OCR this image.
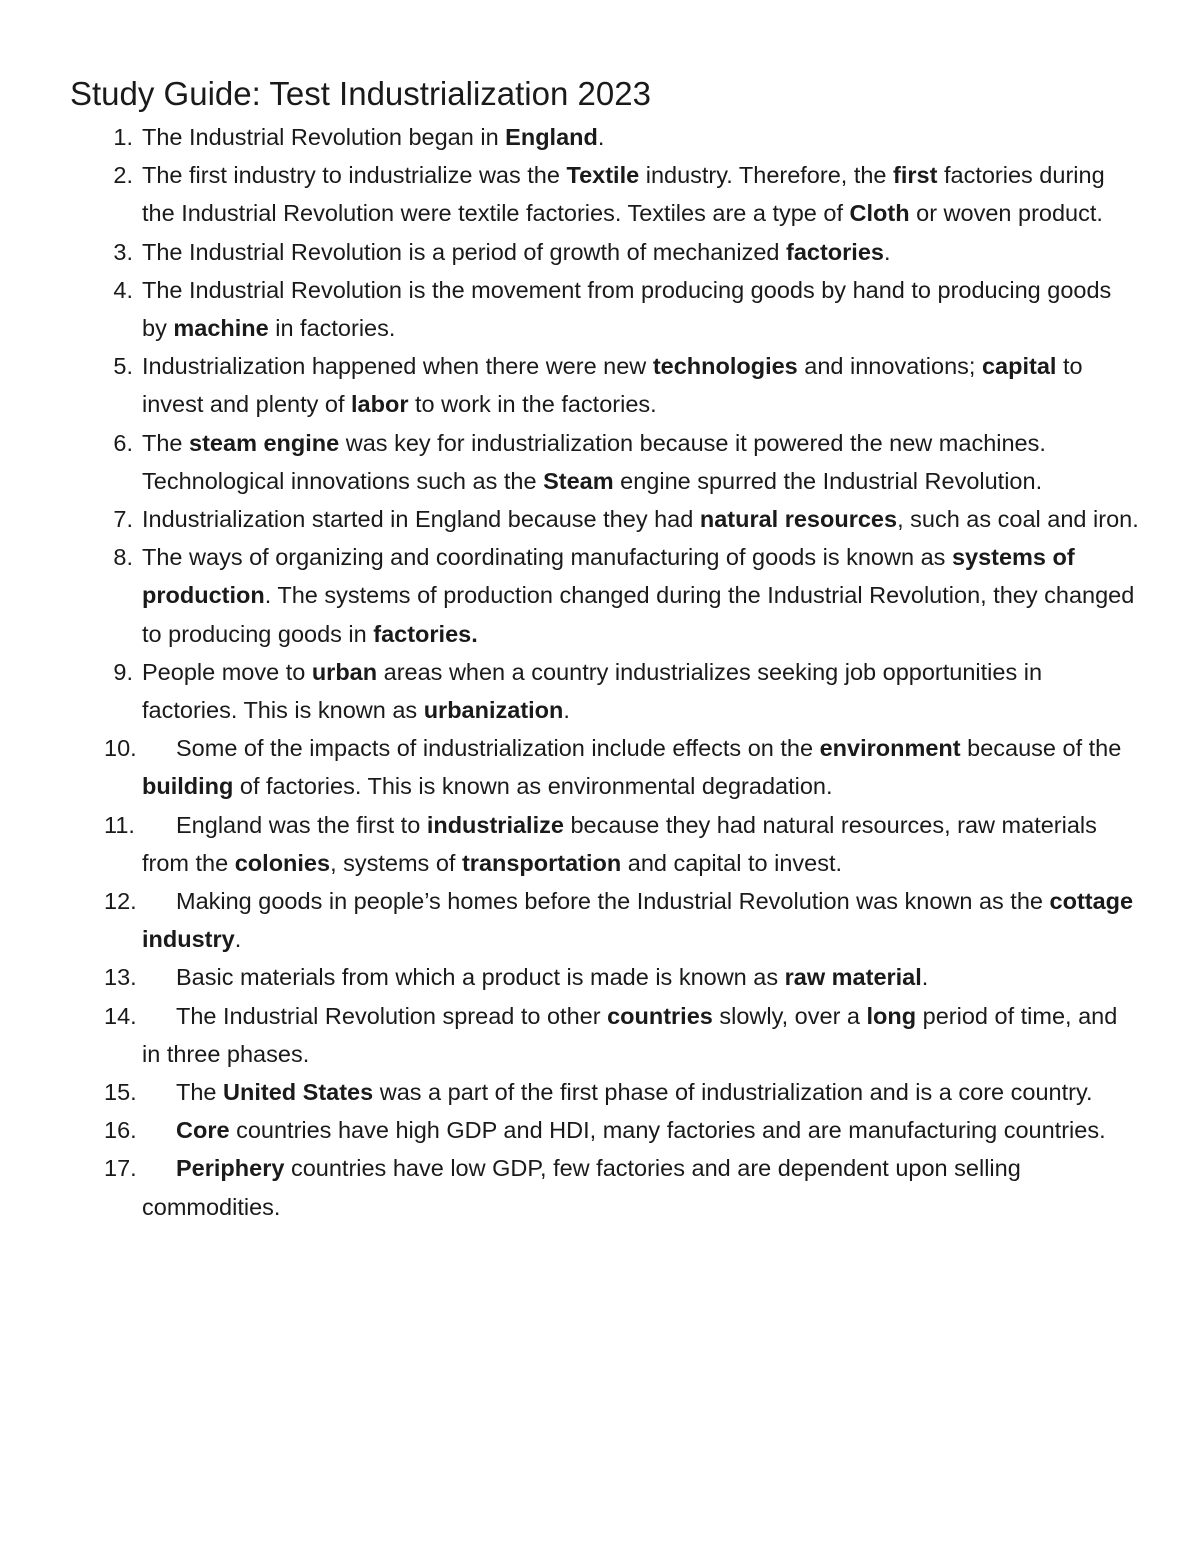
Study Guide: Test Industrialization 2023
1. The Industrial Revolution began in England.
2. The first industry to industrialize was the Textile industry. Therefore, the first factories during the Industrial Revolution were textile factories. Textiles are a type of Cloth or woven product.
3. The Industrial Revolution is a period of growth of mechanized factories.
4. The Industrial Revolution is the movement from producing goods by hand to producing goods by machine in factories.
5. Industrialization happened when there were new technologies and innovations; capital to invest and plenty of labor to work in the factories.
6. The steam engine was key for industrialization because it powered the new machines. Technological innovations such as the Steam engine spurred the Industrial Revolution.
7. Industrialization started in England because they had natural resources, such as coal and iron.
8. The ways of organizing and coordinating manufacturing of goods is known as systems of production. The systems of production changed during the Industrial Revolution, they changed to producing goods in factories.
9. People move to urban areas when a country industrializes seeking job opportunities in factories. This is known as urbanization.
10.	Some of the impacts of industrialization include effects on the environment because of the building of factories. This is known as environmental degradation.
11.	England was the first to industrialize because they had natural resources, raw materials from the colonies, systems of transportation and capital to invest.
12.	Making goods in people’s homes before the Industrial Revolution was known as the cottage industry.
13.	Basic materials from which a product is made is known as raw material.
14.	The Industrial Revolution spread to other countries slowly, over a long period of time, and in three phases.
15.	The United States was a part of the first phase of industrialization and is a core country.
16.	Core countries have high GDP and HDI, many factories and are manufacturing countries.
17.	Periphery countries have low GDP, few factories and are dependent upon selling commodities.
